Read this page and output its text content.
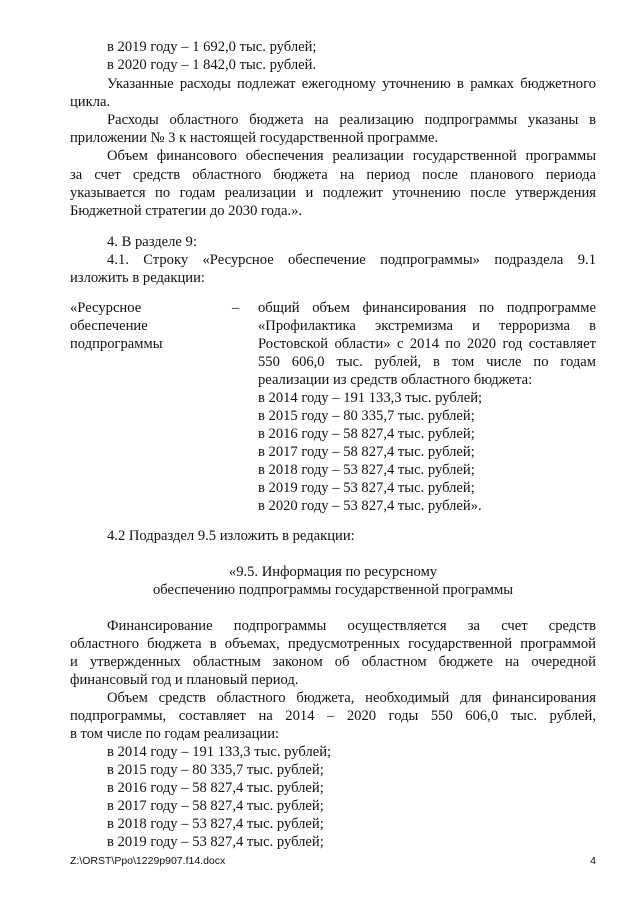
в 2019 году – 1 692,0 тыс. рублей;

в 2020 году – 1 842,0 тыс. рублей.

Указанные расходы подлежат ежегодному уточнению в рамках бюджетного

цикла.

Расходы областного бюджета на реализацию подпрограммы указаны в

приложении № 3 к настоящей государственной программе.

Объем финансового обеспечения реализации государственной программы

за счет средств областного бюджета на период после планового периода

указывается по годам реализации и подлежит уточнению после утверждения

Бюджетной стратегии до 2030 года.».

4. В разделе 9:

4.1. Строку «Ресурсное обеспечение подпрограммы» подраздела 9.1

изложить в редакции:

«Ресурсное
обеспечение
подпрограммы
– общий объем финансирования по подпрограмме
«Профилактика экстремизма и терроризма в
Ростовской области» с 2014 по 2020 год составляет
550 606,0 тыс. рублей, в том числе по годам
реализации из средств областного бюджета:
в 2014 году – 191 133,3 тыс. рублей;
в 2015 году – 80 335,7 тыс. рублей;
в 2016 году – 58 827,4 тыс. рублей;
в 2017 году – 58 827,4 тыс. рублей;
в 2018 году – 53 827,4 тыс. рублей;
в 2019 году – 53 827,4 тыс. рублей;
в 2020 году – 53 827,4 тыс. рублей».

4.2 Подраздел 9.5 изложить в редакции:

«9.5. Информация по ресурсному

обеспечению подпрограммы государственной программы

Финансирование подпрограммы осуществляется за счет средств

областного бюджета в объемах, предусмотренных государственной программой

и утвержденных областным законом об областном бюджете на очередной

финансовый год и плановый период.

Объем средств областного бюджета, необходимый для финансирования

подпрограммы, составляет на 2014 – 2020 годы 550 606,0 тыс. рублей,

в том числе по годам реализации:

в 2014 году – 191 133,3 тыс. рублей;

в 2015 году – 80 335,7 тыс. рублей;

в 2016 году – 58 827,4 тыс. рублей;

в 2017 году – 58 827,4 тыс. рублей;

в 2018 году – 53 827,4 тыс. рублей;

в 2019 году – 53 827,4 тыс. рублей;

Z:\ORST\Ppo\1229p907.f14.docx	4
